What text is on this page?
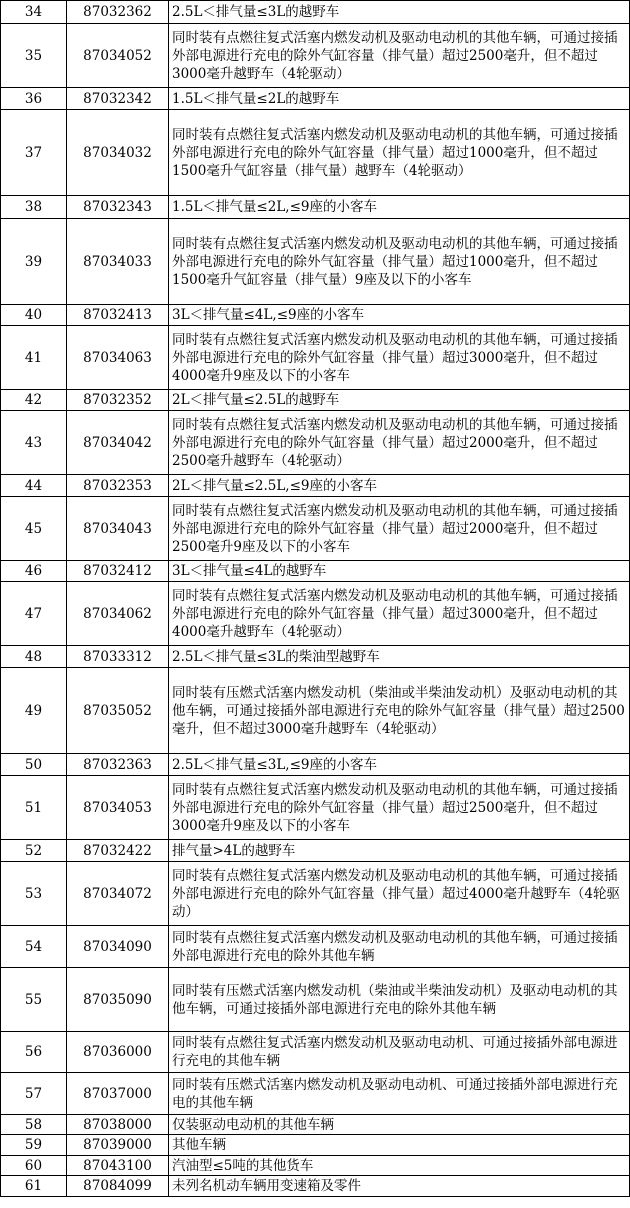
34	87032362	2.5L＜排气量≤3L的越野车
35	87034052	同时装有点燃往复式活塞内燃发动机及驱动电动机的其他车辆，可通过接插外部电源进行充电的除外气缸容量（排气量）超过2500毫升，但不超过3000毫升越野车（4轮驱动）
36	87032342	1.5L＜排气量≤2L的越野车
37	87034032	同时装有点燃往复式活塞内燃发动机及驱动电动机的其他车辆，可通过接插外部电源进行充电的除外气缸容量（排气量）超过1000毫升，但不超过1500毫升气缸容量（排气量）越野车（4轮驱动）
38	87032343	1.5L＜排气量≤2L,≤9座的小客车
39	87034033	同时装有点燃往复式活塞内燃发动机及驱动电动机的其他车辆，可通过接插外部电源进行充电的除外气缸容量（排气量）超过1000毫升，但不超过1500毫升气缸容量（排气量）9座及以下的小客车
40	87032413	3L＜排气量≤4L,≤9座的小客车
41	87034063	同时装有点燃往复式活塞内燃发动机及驱动电动机的其他车辆，可通过接插外部电源进行充电的除外气缸容量（排气量）超过3000毫升，但不超过4000毫升9座及以下的小客车
42	87032352	2L＜排气量≤2.5L的越野车
43	87034042	同时装有点燃往复式活塞内燃发动机及驱动电动机的其他车辆，可通过接插外部电源进行充电的除外气缸容量（排气量）超过2000毫升，但不超过2500毫升越野车（4轮驱动）
44	87032353	2L＜排气量≤2.5L,≤9座的小客车
45	87034043	同时装有点燃往复式活塞内燃发动机及驱动电动机的其他车辆，可通过接插外部电源进行充电的除外气缸容量（排气量）超过2000毫升，但不超过2500毫升9座及以下的小客车
46	87032412	3L＜排气量≤4L的越野车
47	87034062	同时装有点燃往复式活塞内燃发动机及驱动电动机的其他车辆，可通过接插外部电源进行充电的除外气缸容量（排气量）超过3000毫升，但不超过4000毫升越野车（4轮驱动）
48	87033312	2.5L＜排气量≤3L的柴油型越野车
49	87035052	同时装有压燃式活塞内燃发动机（柴油或半柴油发动机）及驱动电动机的其他车辆，可通过接插外部电源进行充电的除外气缸容量（排气量）超过2500毫升，但不超过3000毫升越野车（4轮驱动）
50	87032363	2.5L＜排气量≤3L,≤9座的小客车
51	87034053	同时装有点燃往复式活塞内燃发动机及驱动电动机的其他车辆，可通过接插外部电源进行充电的除外气缸容量（排气量）超过2500毫升，但不超过3000毫升9座及以下的小客车
52	87032422	排气量>4L的越野车
53	87034072	同时装有点燃往复式活塞内燃发动机及驱动电动机的其他车辆，可通过接插外部电源进行充电的除外气缸容量（排气量）超过4000毫升越野车（4轮驱动）
54	87034090	同时装有点燃往复式活塞内燃发动机及驱动电动机的其他车辆，可通过接插外部电源进行充电的除外其他车辆
55	87035090	同时装有压燃式活塞内燃发动机（柴油或半柴油发动机）及驱动电动机的其他车辆，可通过接插外部电源进行充电的除外其他车辆
56	87036000	同时装有点燃往复式活塞内燃发动机及驱动电动机、可通过接插外部电源进行充电的其他车辆
57	87037000	同时装有压燃式活塞内燃发动机及驱动电动机、可通过接插外部电源进行充电的其他车辆
58	87038000	仅装驱动电动机的其他车辆
59	87039000	其他车辆
60	87043100	汽油型≤5吨的其他货车
61	87084099	未列名机动车辆用变速箱及零件
